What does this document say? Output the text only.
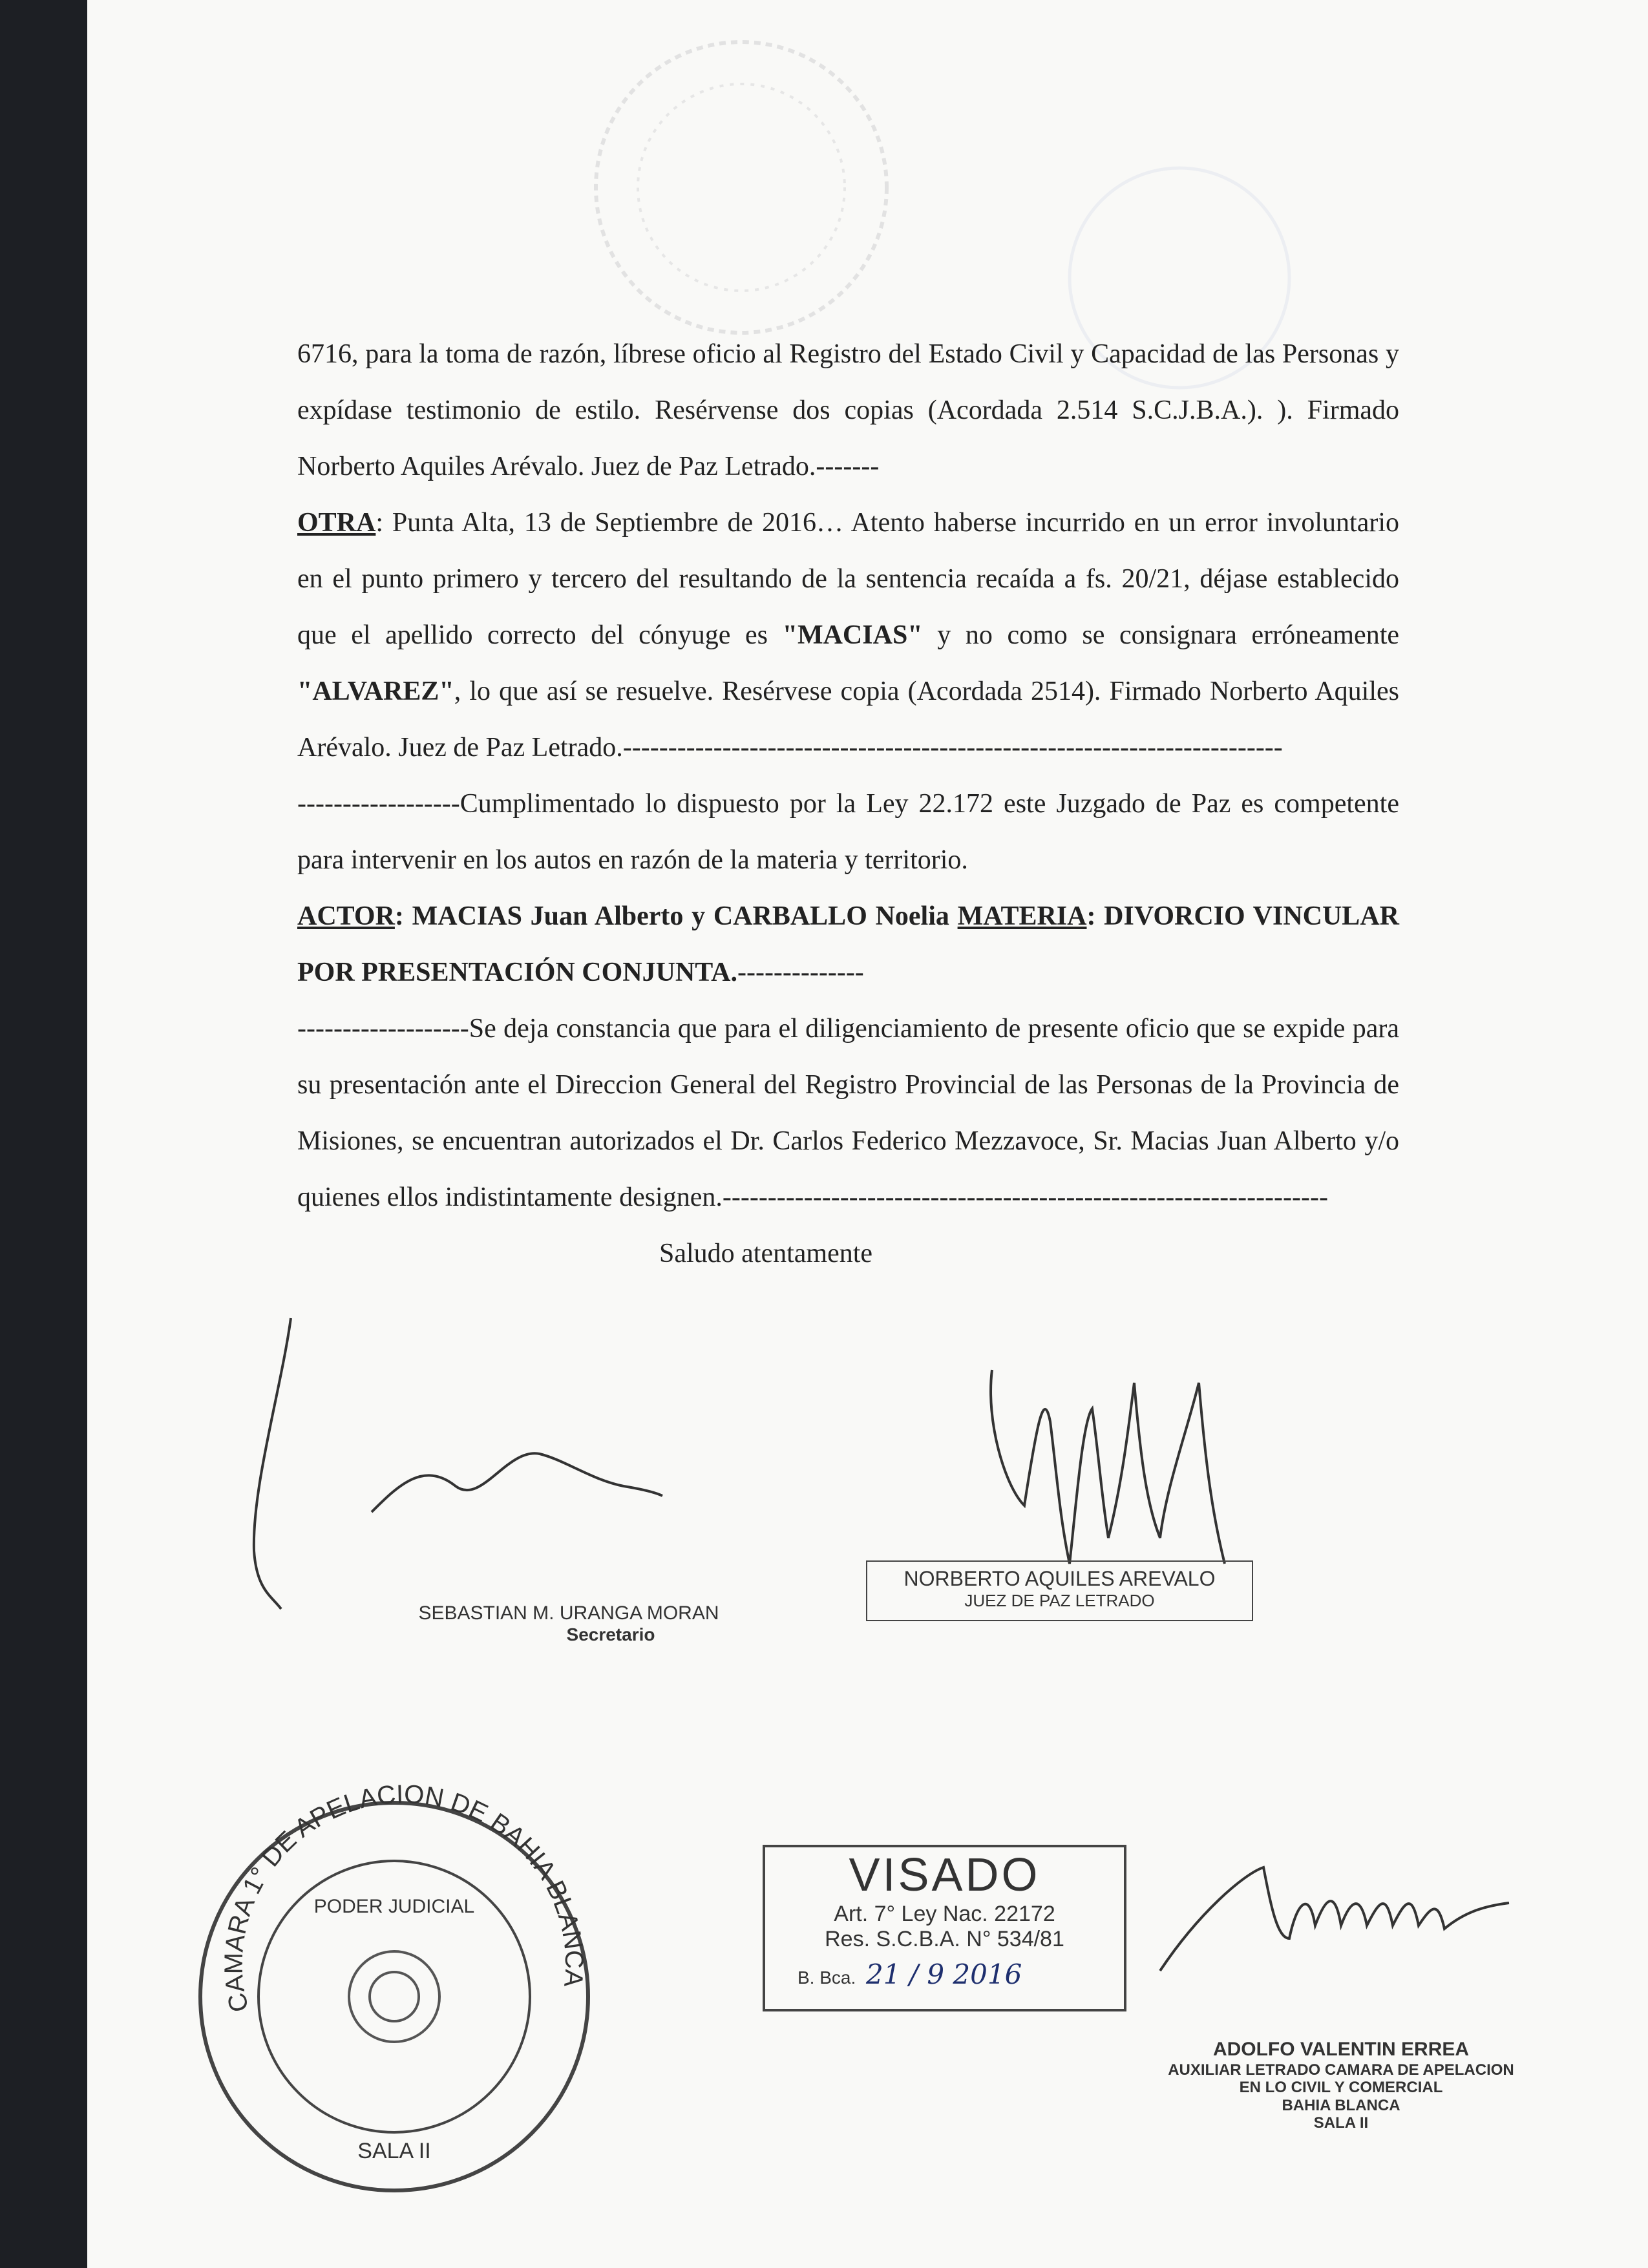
6716, para la toma de razón, líbrese oficio al Registro del Estado Civil y Capacidad de las Personas y expídase testimonio de estilo. Resérvense dos copias (Acordada 2.514 S.C.J.B.A.). ). Firmado Norberto Aquiles Arévalo. Juez de Paz Letrado.-------

OTRA: Punta Alta, 13 de Septiembre de 2016… Atento haberse incurrido en un error involuntario en el punto primero y tercero del resultando de la sentencia recaída a fs. 20/21, déjase establecido que el apellido correcto del cónyuge es "MACIAS" y no como se consignara erróneamente "ALVAREZ", lo que así se resuelve. Resérvese copia (Acordada 2514). Firmado Norberto Aquiles Arévalo. Juez de Paz Letrado.-------------------------------------------------------------------------

------------------Cumplimentado lo dispuesto por la Ley 22.172 este Juzgado de Paz es competente para intervenir en los autos en razón de la materia y territorio.

ACTOR: MACIAS Juan Alberto y CARBALLO Noelia MATERIA: DIVORCIO VINCULAR POR PRESENTACIÓN CONJUNTA.--------------

-------------------Se deja constancia que para el diligenciamiento de presente oficio que se expide para su presentación ante el Direccion General del Registro Provincial de las Personas de la Provincia de Misiones, se encuentran autorizados el Dr. Carlos Federico Mezzavoce, Sr. Macias Juan Alberto y/o quienes ellos indistintamente designen.-------------------------------------------------------------------

Saludo atentamente

SEBASTIAN M. URANGA MORAN
Secretario
NORBERTO AQUILES AREVALO
JUEZ DE PAZ LETRADO
CAMARA 1° DE APELACION DE BAHIA BLANCA
PODER JUDICIAL
SALA II
VISADO
Art. 7° Ley Nac. 22172
Res. S.C.B.A. N° 534/81
B. Bca. 21 / 9 2016
ADOLFO VALENTIN ERREA
AUXILIAR LETRADO CAMARA DE APELACION
EN LO CIVIL Y COMERCIAL
BAHIA BLANCA
SALA II
